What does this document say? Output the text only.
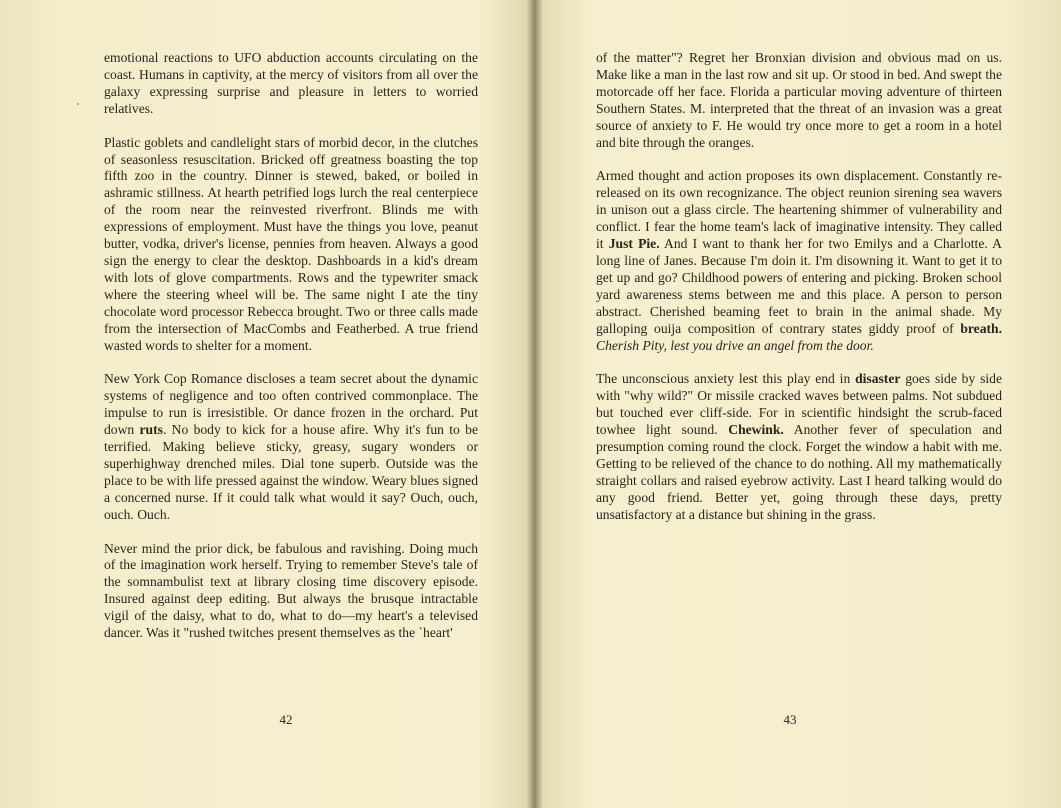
emotional reactions to UFO abduction accounts circulating on the coast. Humans in captivity, at the mercy of visitors from all over the galaxy expressing surprise and pleasure in letters to worried relatives.

Plastic goblets and candlelight stars of morbid decor, in the clutches of seasonless resuscitation. Bricked off greatness boasting the top fifth zoo in the country. Dinner is stewed, baked, or boiled in ashramic stillness. At hearth petrified logs lurch the real centerpiece of the room near the reinvested riverfront. Blinds me with expressions of employment. Must have the things you love, peanut butter, vodka, driver's license, pennies from heaven. Always a good sign the energy to clear the desktop. Dashboards in a kid's dream with lots of glove compartments. Rows and the typewriter smack where the steering wheel will be. The same night I ate the tiny chocolate word processor Rebecca brought. Two or three calls made from the intersection of MacCombs and Featherbed. A true friend wasted words to shelter for a moment.

New York Cop Romance discloses a team secret about the dynamic systems of negligence and too often contrived commonplace. The impulse to run is irresistible. Or dance frozen in the orchard. Put down ruts. No body to kick for a house afire. Why it's fun to be terrified. Making believe sticky, greasy, sugary wonders or superhighway drenched miles. Dial tone superb. Outside was the place to be with life pressed against the window. Weary blues signed a concerned nurse. If it could talk what would it say? Ouch, ouch, ouch. Ouch.

Never mind the prior dick, be fabulous and ravishing. Doing much of the imagination work herself. Trying to remember Steve's tale of the somnambulist text at library closing time discovery episode. Insured against deep editing. But always the brusque intractable vigil of the daisy, what to do, what to do—my heart's a televised dancer. Was it "rushed twitches present themselves as the `heart'

42

of the matter"? Regret her Bronxian division and obvious mad on us. Make like a man in the last row and sit up. Or stood in bed. And swept the motorcade off her face. Florida a particular moving adventure of thirteen Southern States. M. interpreted that the threat of an invasion was a great source of anxiety to F. He would try once more to get a room in a hotel and bite through the oranges.

Armed thought and action proposes its own displacement. Constantly re-released on its own recognizance. The object reunion sirening sea wavers in unison out a glass circle. The heartening shimmer of vulnerability and conflict. I fear the home team's lack of imaginative intensity. They called it Just Pie. And I want to thank her for two Emilys and a Charlotte. A long line of Janes. Because I'm doin it. I'm disowning it. Want to get it to get up and go? Childhood powers of entering and picking. Broken school yard awareness stems between me and this place. A person to person abstract. Cherished beaming feet to brain in the animal shade. My galloping ouija composition of contrary states giddy proof of breath. Cherish Pity, lest you drive an angel from the door.

The unconscious anxiety lest this play end in disaster goes side by side with "why wild?" Or missile cracked waves between palms. Not subdued but touched ever cliff-side. For in scientific hindsight the scrub-faced towhee light sound. Chewink. Another fever of speculation and presumption coming round the clock. Forget the window a habit with me. Getting to be relieved of the chance to do nothing. All my mathematically straight collars and raised eyebrow activity. Last I heard talking would do any good friend. Better yet, going through these days, pretty unsatisfactory at a distance but shining in the grass.

43
